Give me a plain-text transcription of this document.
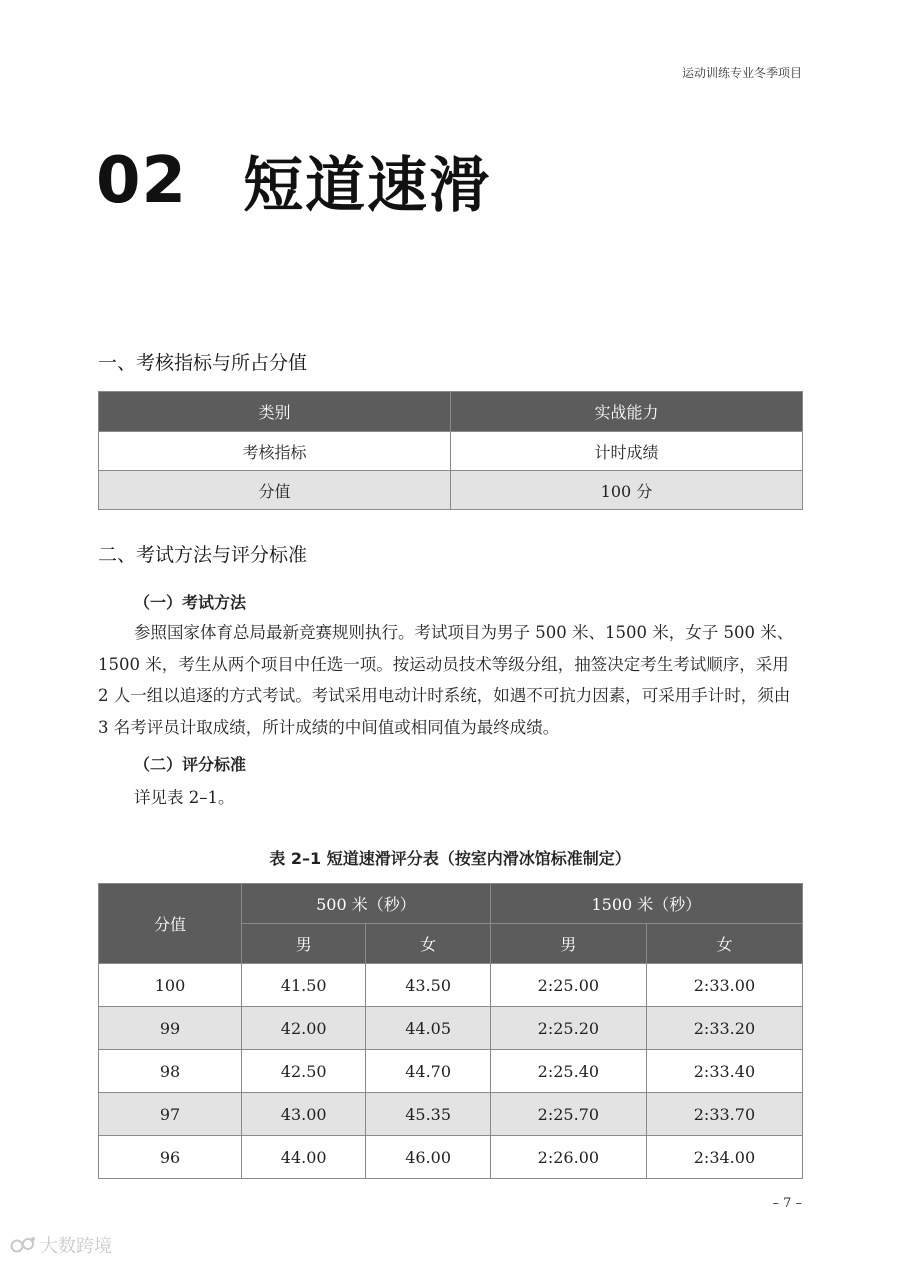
运动训练专业冬季项目
02 短道速滑
一、考核指标与所占分值
类别	实战能力
考核指标	计时成绩
分值	100 分
二、考试方法与评分标准
（一）考试方法
参照国家体育总局最新竞赛规则执行。考试项目为男子 500 米、1500 米，女子 500 米、1500 米，考生从两个项目中任选一项。按运动员技术等级分组，抽签决定考生考试顺序，采用 2 人一组以追逐的方式考试。考试采用电动计时系统，如遇不可抗力因素，可采用手计时，须由 3 名考评员计取成绩，所计成绩的中间值或相同值为最终成绩。
（二）评分标准
详见表 2–1。
表 2–1 短道速滑评分表（按室内滑冰馆标准制定）
分值	500 米（秒）		1500 米（秒）	
	男	女	男	女
100	41.50	43.50	2:25.00	2:33.00
99	42.00	44.05	2:25.20	2:33.20
98	42.50	44.70	2:25.40	2:33.40
97	43.00	45.35	2:25.70	2:33.70
96	44.00	46.00	2:26.00	2:34.00
– 7 –
大数跨境
